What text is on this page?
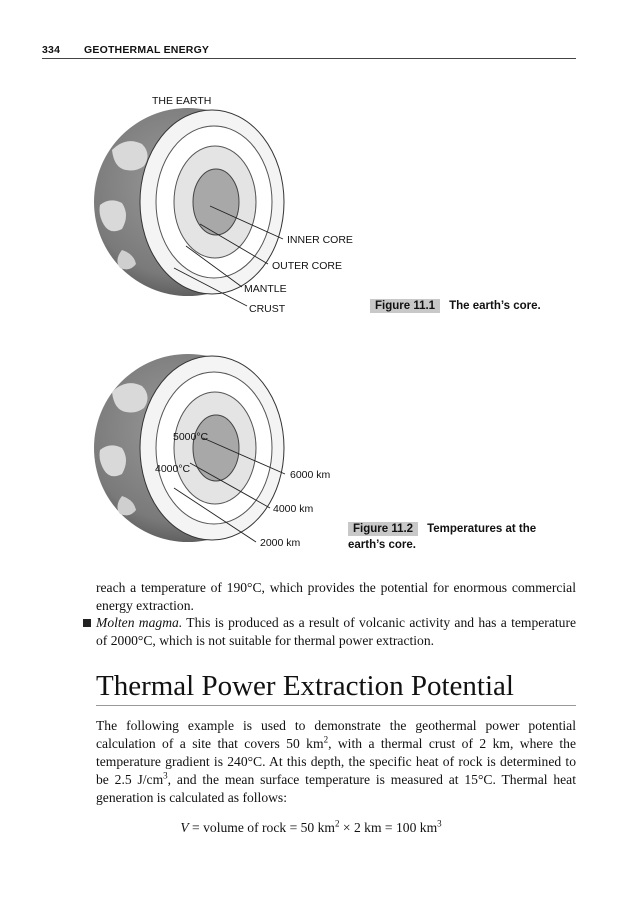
334 GEOTHERMAL ENERGY
THE EARTH
INNER CORE
OUTER CORE
MANTLE
CRUST
5000°C
4000°C	6000 km
4000 km
2000 km
Figure 11.1 The earth’s core.
Figure 11.2 Temperatures at the
earth’s core.
reach a temperature of 190°C, which provides the potential for enormous commercial energy extraction.
Molten magma. This is produced as a result of volcanic activity and has a temperature of 2000°C, which is not suitable for thermal power extraction.
Thermal Power Extraction Potential
The following example is used to demonstrate the geothermal power potential calculation of a site that covers 50 $km^2$, with a thermal crust of 2 km, where the temperature gradient is 240°C. At this depth, the specific heat of rock is determined to be 2.5 $J/cm^3$, and the mean surface temperature is measured at 15°C. Thermal heat generation is calculated as follows:
V = volume of rock = 50 $km^2 \times 2$ km = 100 $km^3$
